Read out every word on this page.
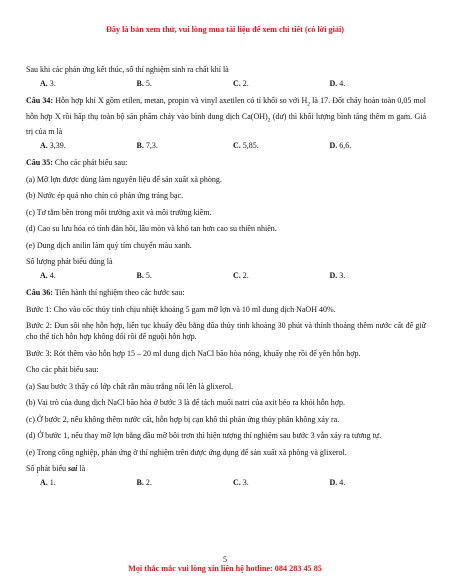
Đây là bản xem thử, vui lòng mua tài liệu để xem chi tiết (có lời giải)

Sau khi các phản ứng kết thúc, số thí nghiệm sinh ra chất khí là

A. 3.	B. 5.	C. 2.	D. 4.

Câu 34: Hỗn hợp khí X gồm etilen, metan, propin và vinyl axetilen có tỉ khối so với $H_2$ là 17. Đốt cháy hoàn toàn 0,05 mol hỗn hợp X rồi hấp thụ toàn bộ sản phẩm cháy vào bình dung dịch $Ca(OH)_2$ (dư) thì khối lượng bình tăng thêm m gam. Giá trị của m là

A. 3,39.	B. 7,3.	C. 5,85.	D. 6,6.

Câu 35: Cho các phát biểu sau:

(a) Mỡ lợn được dùng làm nguyên liệu để sản xuất xà phòng.

(b) Nước ép quả nho chín có phản ứng tráng bạc.

(c) Tơ tằm bền trong môi trường axit và môi trường kiềm.

(d) Cao su lưu hóa có tính đàn hồi, lâu mòn và khó tan hơn cao su thiên nhiên.

(e) Dung dịch anilin làm quỳ tím chuyển màu xanh.

Số lượng phát biểu đúng là

A. 4.	B. 5.	C. 2.	D. 3.

Câu 36: Tiến hành thí nghiệm theo các bước sau:

Bước 1: Cho vào cốc thủy tinh chịu nhiệt khoảng 5 gam mỡ lợn và 10 ml dung dịch NaOH 40%.

Bước 2: Đun sôi nhẹ hỗn hợp, liên tục khuấy đều bằng đũa thủy tinh khoảng 30 phút và thỉnh thoảng thêm nước cất để giữ cho thể tích hỗn hợp không đổi rồi để nguội hỗn hợp.

Bước 3: Rót thêm vào hỗn hợp 15 – 20 ml dung dịch NaCl bão hòa nóng, khuấy nhẹ rồi để yên hỗn hợp.

Cho các phát biểu sau:

(a) Sau bước 3 thấy có lớp chất rắn màu trắng nổi lên là glixerol.

(b) Vai trò của dung dịch NaCl bão hòa ở bước 3 là để tách muối natri của axit béo ra khỏi hỗn hợp.

(c) Ở bước 2, nếu không thêm nước cất, hỗn hợp bị cạn khô thì phản ứng thủy phân không xảy ra.

(d) Ở bước 1, nếu thay mỡ lợn bằng dầu mỡ bôi trơn thì hiện tượng thí nghiệm sau bước 3 vẫn xảy ra tương tự.

(e) Trong công nghiệp, phản ứng ở thí nghiệm trên được ứng dụng để sản xuất xà phòng và glixerol.

Số phát biểu sai là

A. 1.	B. 2.	C. 3.	D. 4.
5
Mọi thắc mắc vui lòng xin liên hệ hotline: 084 283 45 85
